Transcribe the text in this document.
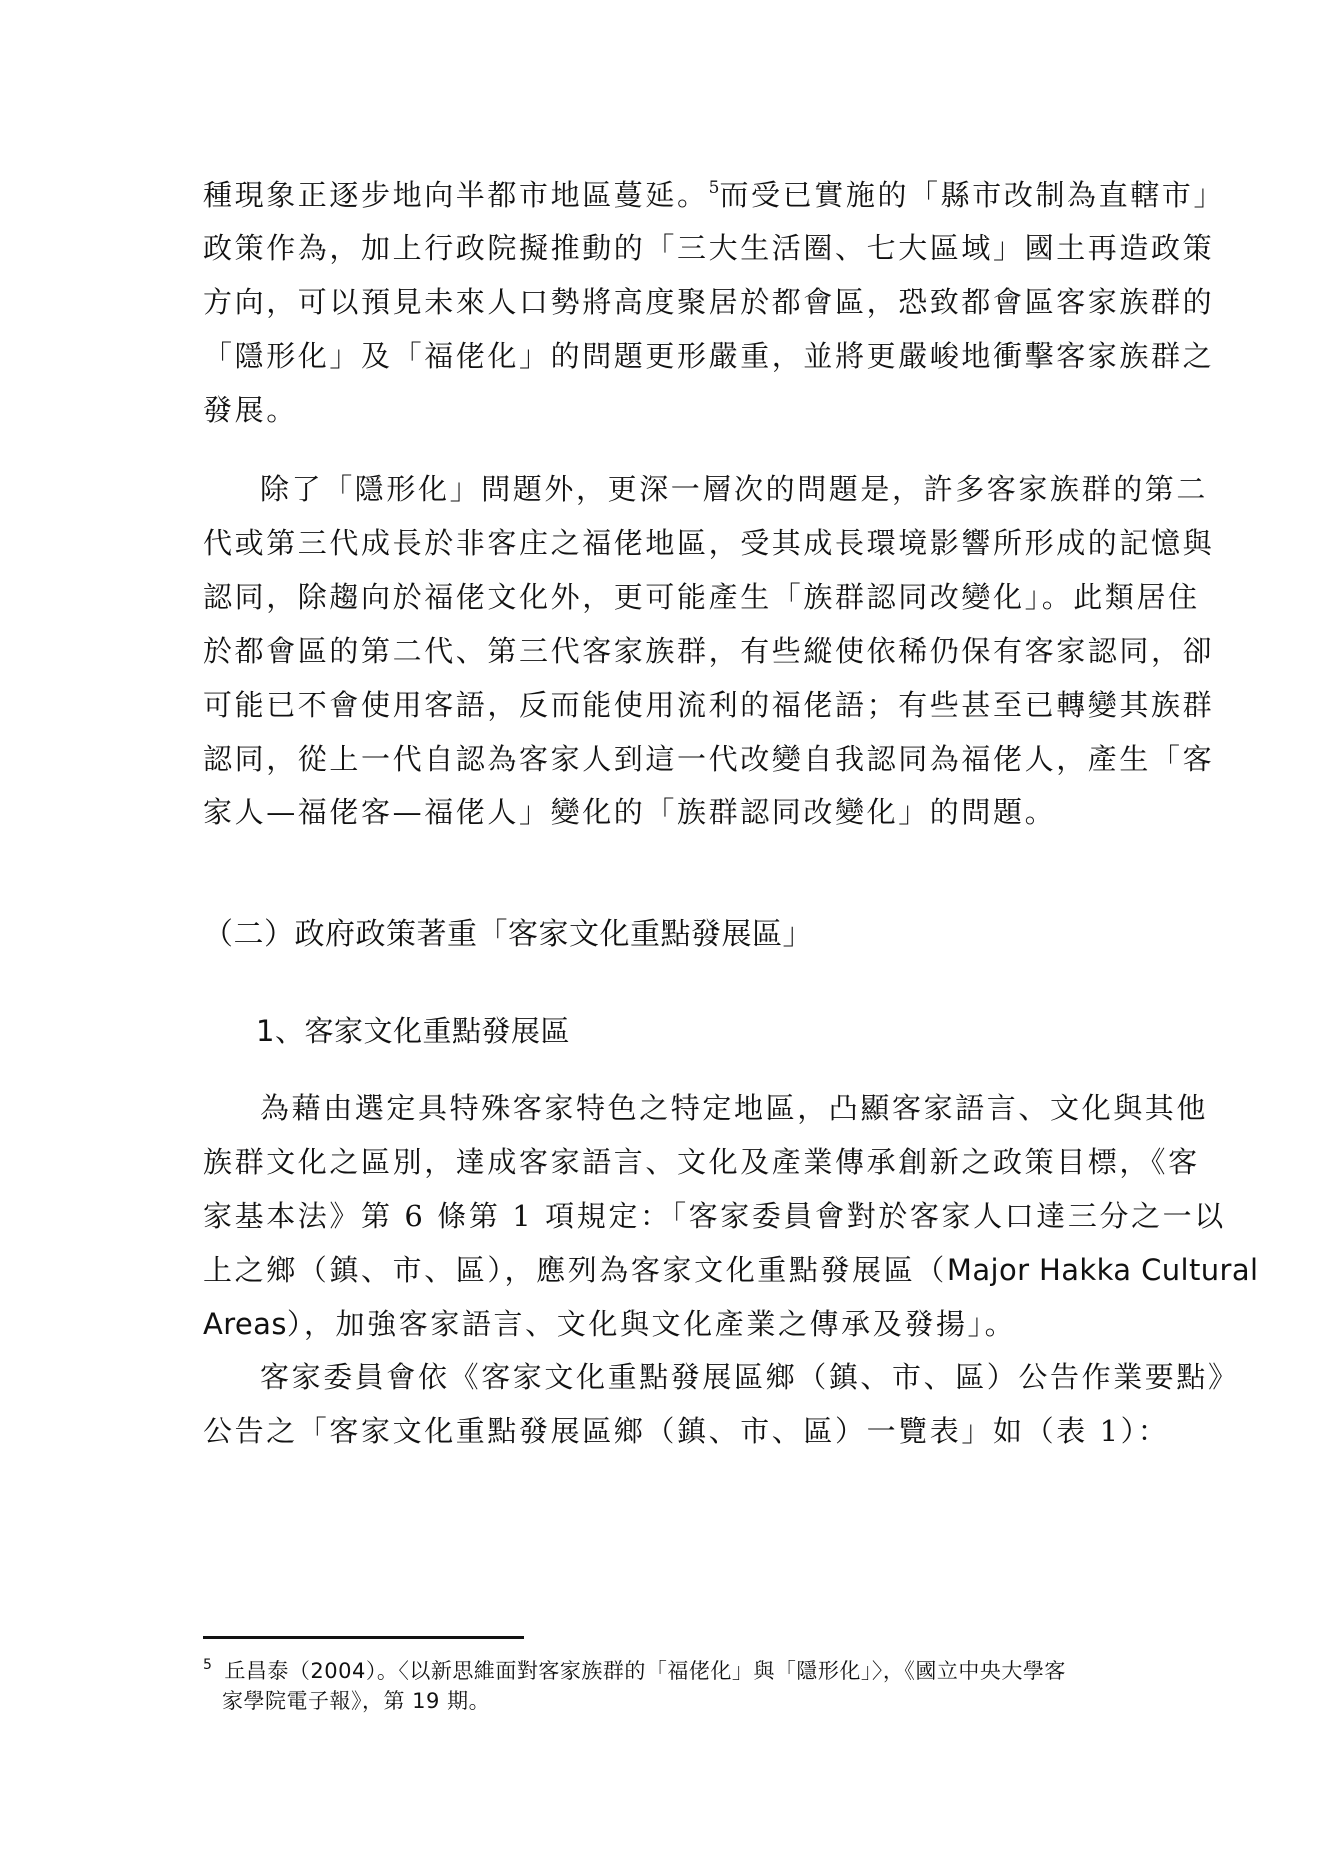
種現象正逐步地向半都市地區蔓延。$^5$而受已實施的「縣市改制為直轄市」
政策作為，加上行政院擬推動的「三大生活圈、七大區域」國土再造政策
方向，可以預見未來人口勢將高度聚居於都會區，恐致都會區客家族群的
「隱形化」及「福佬化」的問題更形嚴重，並將更嚴峻地衝擊客家族群之
發展。
除了「隱形化」問題外，更深一層次的問題是，許多客家族群的第二
代或第三代成長於非客庄之福佬地區，受其成長環境影響所形成的記憶與
認同，除趨向於福佬文化外，更可能產生「族群認同改變化」。此類居住
於都會區的第二代、第三代客家族群，有些縱使依稀仍保有客家認同，卻
可能已不會使用客語，反而能使用流利的福佬語；有些甚至已轉變其族群
認同，從上一代自認為客家人到這一代改變自我認同為福佬人，產生「客
家人—福佬客—福佬人」變化的「族群認同改變化」的問題。
（二）政府政策著重「客家文化重點發展區」
1、客家文化重點發展區
為藉由選定具特殊客家特色之特定地區，凸顯客家語言、文化與其他
族群文化之區別，達成客家語言、文化及產業傳承創新之政策目標，《客
家基本法》第 6 條第 1 項規定：「客家委員會對於客家人口達三分之一以
上之鄉（鎮、市、區），應列為客家文化重點發展區（Major Hakka Cultural
Areas），加強客家語言、文化與文化產業之傳承及發揚」。
客家委員會依《客家文化重點發展區鄉（鎮、市、區）公告作業要點》
公告之「客家文化重點發展區鄉（鎮、市、區）一覽表」如（表 1）：
$^5$ 丘昌泰（2004）。〈以新思維面對客家族群的「福佬化」與「隱形化」〉，《國立中央大學客
家學院電子報》，第 19 期。
